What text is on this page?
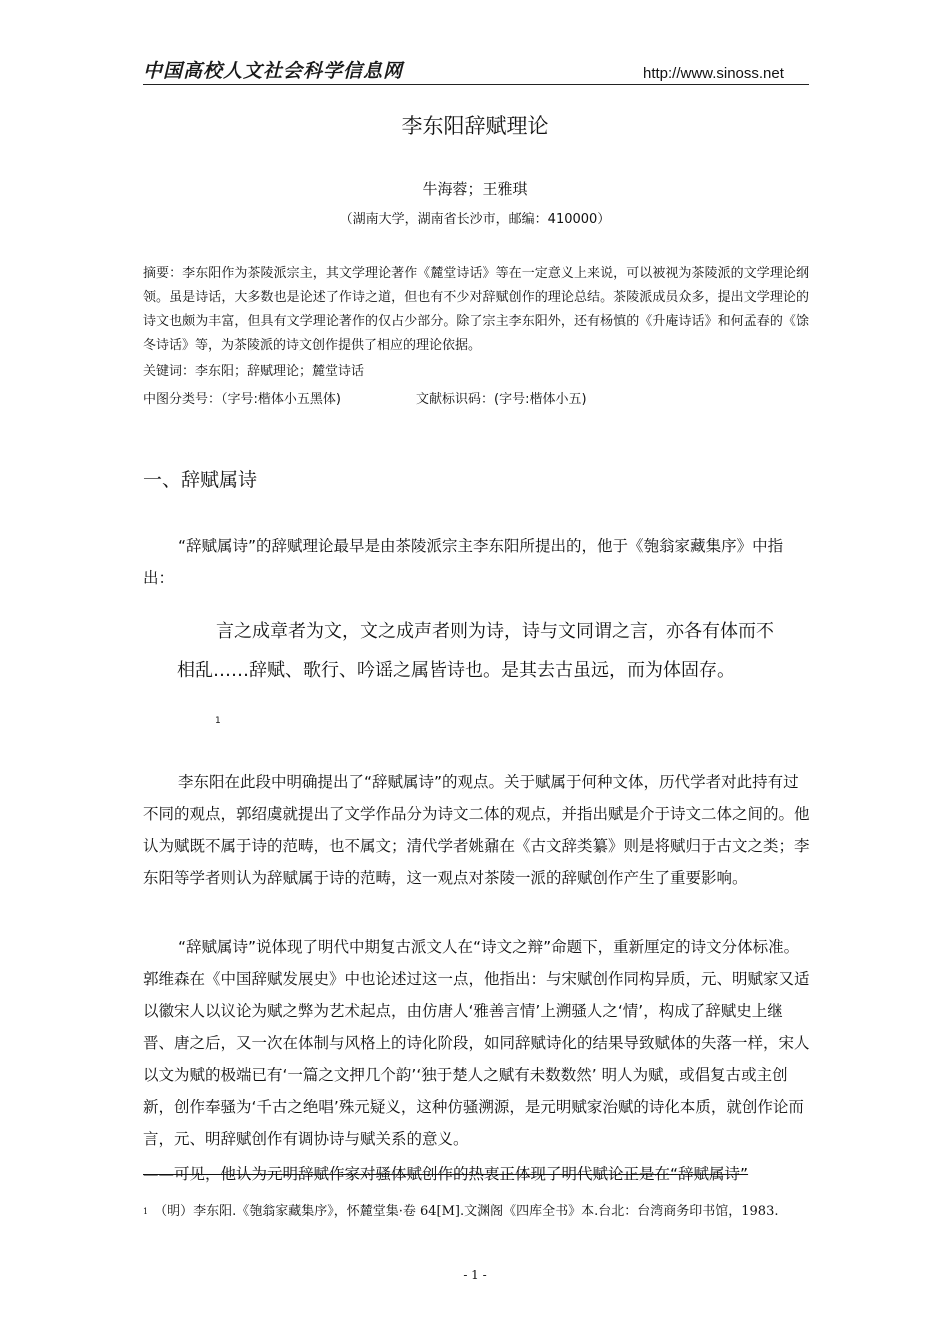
中国高校人文社会科学信息网	http://www.sinoss.net
李东阳辞赋理论
牛海蓉；王雅琪
（湖南大学，湖南省长沙市，邮编：410000）

摘要：李东阳作为茶陵派宗主，其文学理论著作《麓堂诗话》等在一定意义上来说，可以被视为茶陵派的文学理论纲领。虽是诗话，大多数也是论述了作诗之道，但也有不少对辞赋创作的理论总结。茶陵派成员众多，提出文学理论的诗文也颇为丰富，但具有文学理论著作的仅占少部分。除了宗主李东阳外，还有杨慎的《升庵诗话》和何孟春的《馀冬诗话》等，为茶陵派的诗文创作提供了相应的理论依据。

关键词：李东阳；辞赋理论；麓堂诗话
中图分类号：（字号:楷体小五黑体)	文献标识码：(字号:楷体小五)
一、辞赋属诗

“辞赋属诗”的辞赋理论最早是由茶陵派宗主李东阳所提出的，他于《匏翁家藏集序》中指出：

言之成章者为文，文之成声者则为诗，诗与文同谓之言，亦各有体而不相乱……辞赋、歌行、吟谣之属皆诗也。是其去古虽远，而为体固存。

1

李东阳在此段中明确提出了“辞赋属诗”的观点。关于赋属于何种文体，历代学者对此持有过不同的观点，郭绍虞就提出了文学作品分为诗文二体的观点，并指出赋是介于诗文二体之间的。他认为赋既不属于诗的范畴，也不属文；清代学者姚鼐在《古文辞类纂》则是将赋归于古文之类；李东阳等学者则认为辞赋属于诗的范畴，这一观点对茶陵一派的辞赋创作产生了重要影响。

“辞赋属诗”说体现了明代中期复古派文人在“诗文之辩”命题下，重新厘定的诗文分体标准。郭维森在《中国辞赋发展史》中也论述过这一点，他指出：与宋赋创作同构异质，元、明赋家又适以徽宋人以议论为赋之弊为艺术起点，由仿唐人‘雅善言情’上溯骚人之‘情’，构成了辞赋史上继晋、唐之后，又一次在体制与风格上的诗化阶段，如同辞赋诗化的结果导致赋体的失落一样，宋人以文为赋的极端已有‘一篇之文押几个韵’‘独于楚人之赋有未数数然’ 明人为赋，或倡复古或主创新，创作奉骚为‘千古之绝唱’殊元疑义，这种仿骚溯源，是元明赋家治赋的诗化本质，就创作论而言，元、明辞赋创作有调协诗与赋关系的意义。

——可见，他认为元明辞赋作家对骚体赋创作的热衷正体现了明代赋论正是在“辞赋属诗”
$^1$ （明）李东阳.《匏翁家藏集序》，怀麓堂集·卷 64[M].文渊阁《四库全书》本.台北：台湾商务印书馆，1983.
- 1 -
